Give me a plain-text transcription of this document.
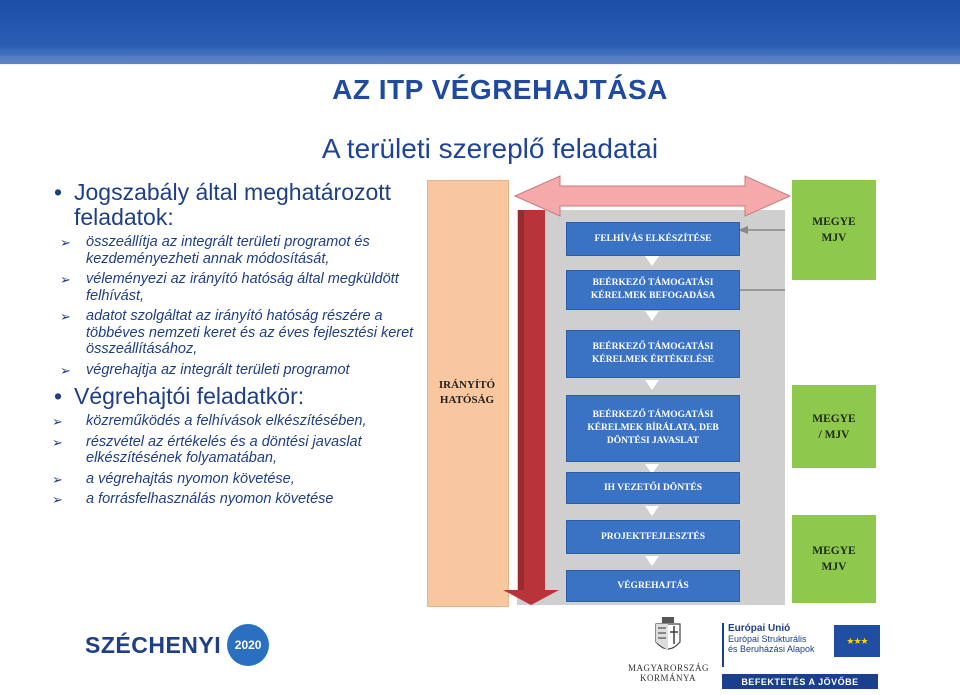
AZ ITP VÉGREHAJTÁSA
A területi szereplő feladatai
• Jogszabály által meghatározott feladatok:
➢ összeállítja az integrált területi programot és kezdeményezheti annak módosítását,
➢ véleményezi az irányító hatóság által megküldött felhívást,
➢ adatot szolgáltat az irányító hatóság részére a többéves nemzeti keret és az éves fejlesztési keret összeállításához,
➢ végrehajtja az integrált területi programot
• Végrehajtói feladatkör:
➢ közreműködés a felhívások elkészítésében,
➢ részvétel az értékelés és a döntési javaslat elkészítésének folyamatában,
➢ a végrehajtás nyomon követése,
➢ a forrásfelhasználás nyomon követése
IRÁNYÍTÓ
HATÓSÁG
FELHÍVÁS ELKÉSZÍTÉSE
BEÉRKEZŐ TÁMOGATÁSI
KÉRELMEK BEFOGADÁSA
BEÉRKEZŐ TÁMOGATÁSI
KÉRELMEK ÉRTÉKELÉSE
BEÉRKEZŐ TÁMOGATÁSI
KÉRELMEK BÍRÁLATA, DEB
DÖNTÉSI JAVASLAT
IH VEZETŐI DÖNTÉS
PROJEKTFEJLESZTÉS
VÉGREHAJTÁS
MEGYE
MJV
MEGYE
/ MJV
MEGYE
MJV
SZÉCHENYI	2020
MAGYARORSZÁG
KORMÁNYA
Európai Unió
Európai Strukturális
és Beruházási Alapok
★★★
BEFEKTETÉS A JÖVŐBE
